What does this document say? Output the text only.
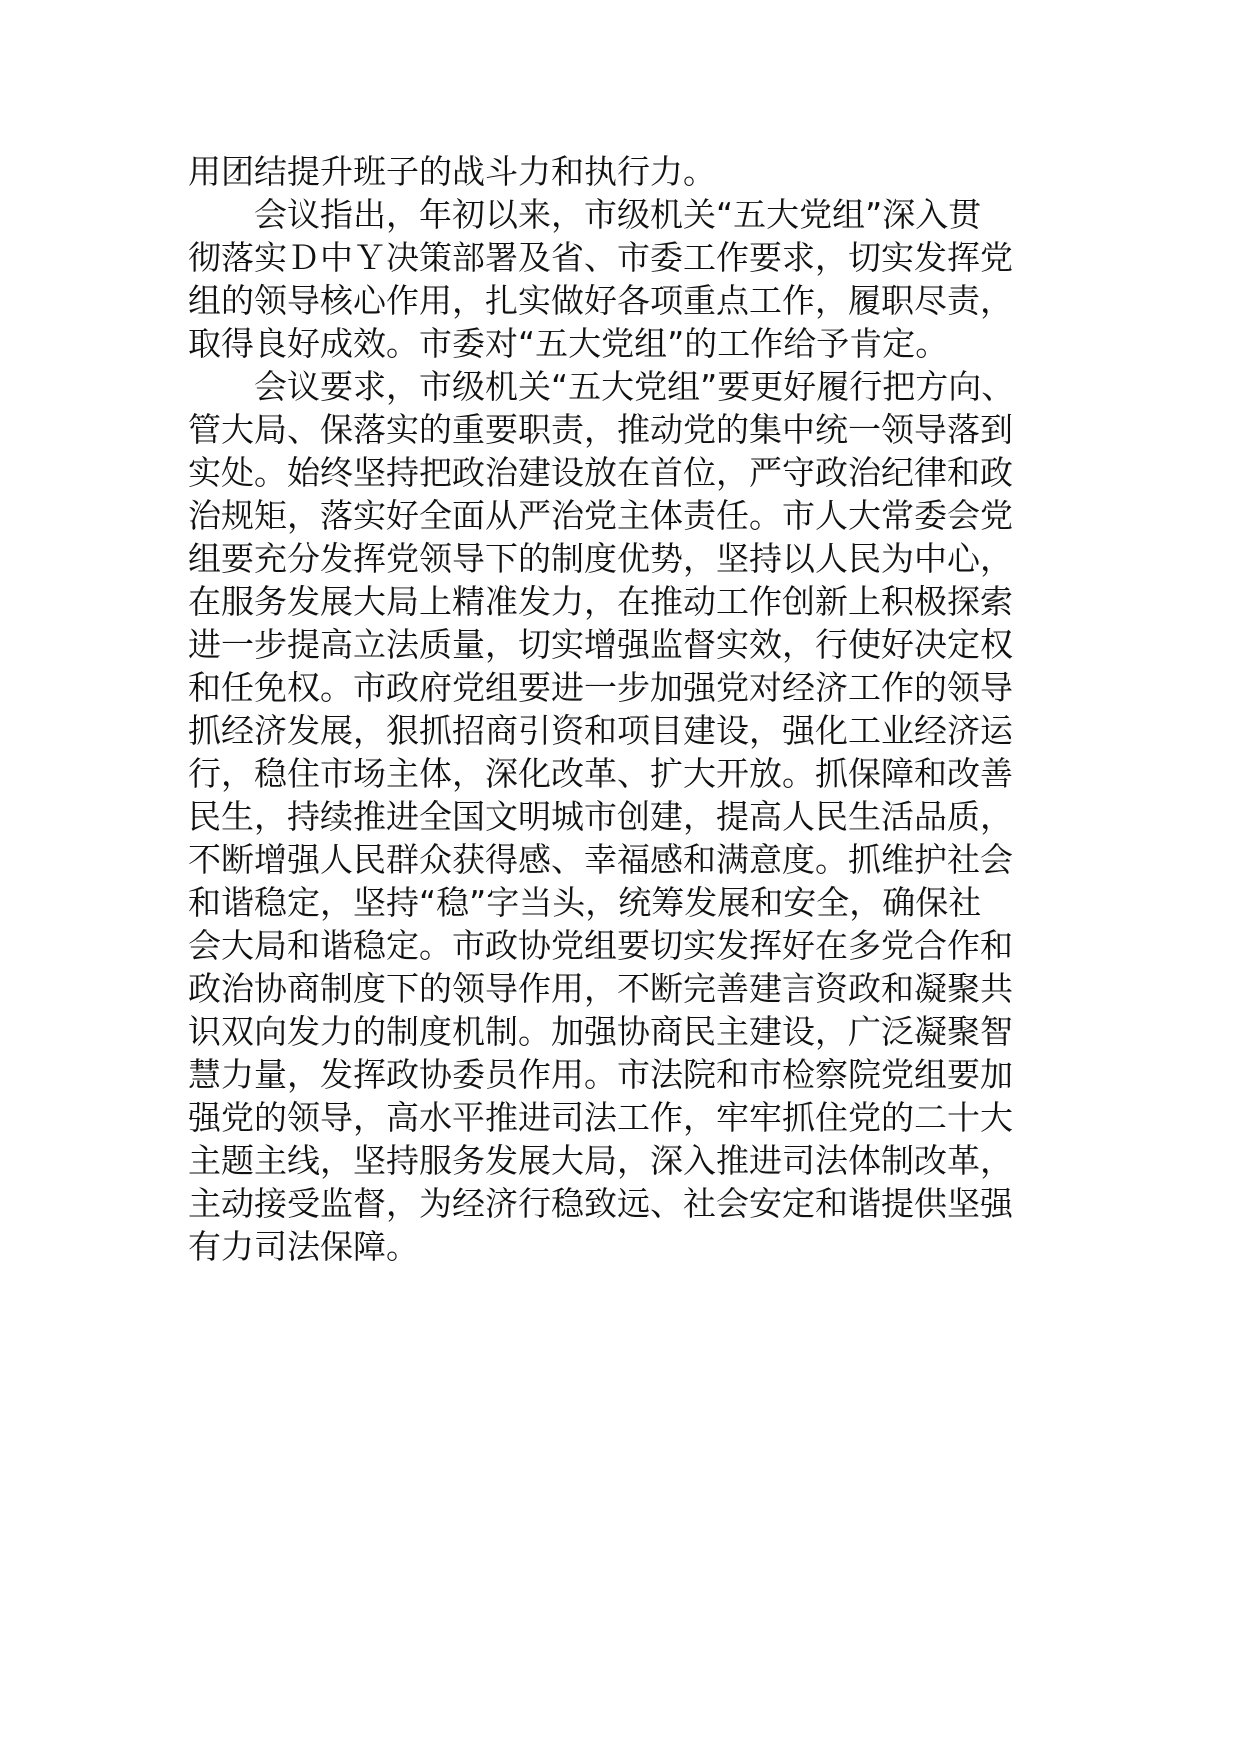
用团结提升班子的战斗力和执行力。
会议指出，年初以来，市级机关“五大党组”深入贯
彻落实Ｄ中Ｙ决策部署及省、市委工作要求，切实发挥党
组的领导核心作用，扎实做好各项重点工作，履职尽责，
取得良好成效。市委对“五大党组”的工作给予肯定。
会议要求，市级机关“五大党组”要更好履行把方向、
管大局、保落实的重要职责，推动党的集中统一领导落到
实处。始终坚持把政治建设放在首位，严守政治纪律和政
治规矩，落实好全面从严治党主体责任。市人大常委会党
组要充分发挥党领导下的制度优势，坚持以人民为中心，
在服务发展大局上精准发力，在推动工作创新上积极探索
进一步提高立法质量，切实增强监督实效，行使好决定权
和任免权。市政府党组要进一步加强党对经济工作的领导
抓经济发展，狠抓招商引资和项目建设，强化工业经济运
行，稳住市场主体，深化改革、扩大开放。抓保障和改善
民生，持续推进全国文明城市创建，提高人民生活品质，
不断增强人民群众获得感、幸福感和满意度。抓维护社会
和谐稳定，坚持“稳”字当头，统筹发展和安全，确保社
会大局和谐稳定。市政协党组要切实发挥好在多党合作和
政治协商制度下的领导作用，不断完善建言资政和凝聚共
识双向发力的制度机制。加强协商民主建设，广泛凝聚智
慧力量，发挥政协委员作用。市法院和市检察院党组要加
强党的领导，高水平推进司法工作，牢牢抓住党的二十大
主题主线，坚持服务发展大局，深入推进司法体制改革，
主动接受监督，为经济行稳致远、社会安定和谐提供坚强
有力司法保障。
